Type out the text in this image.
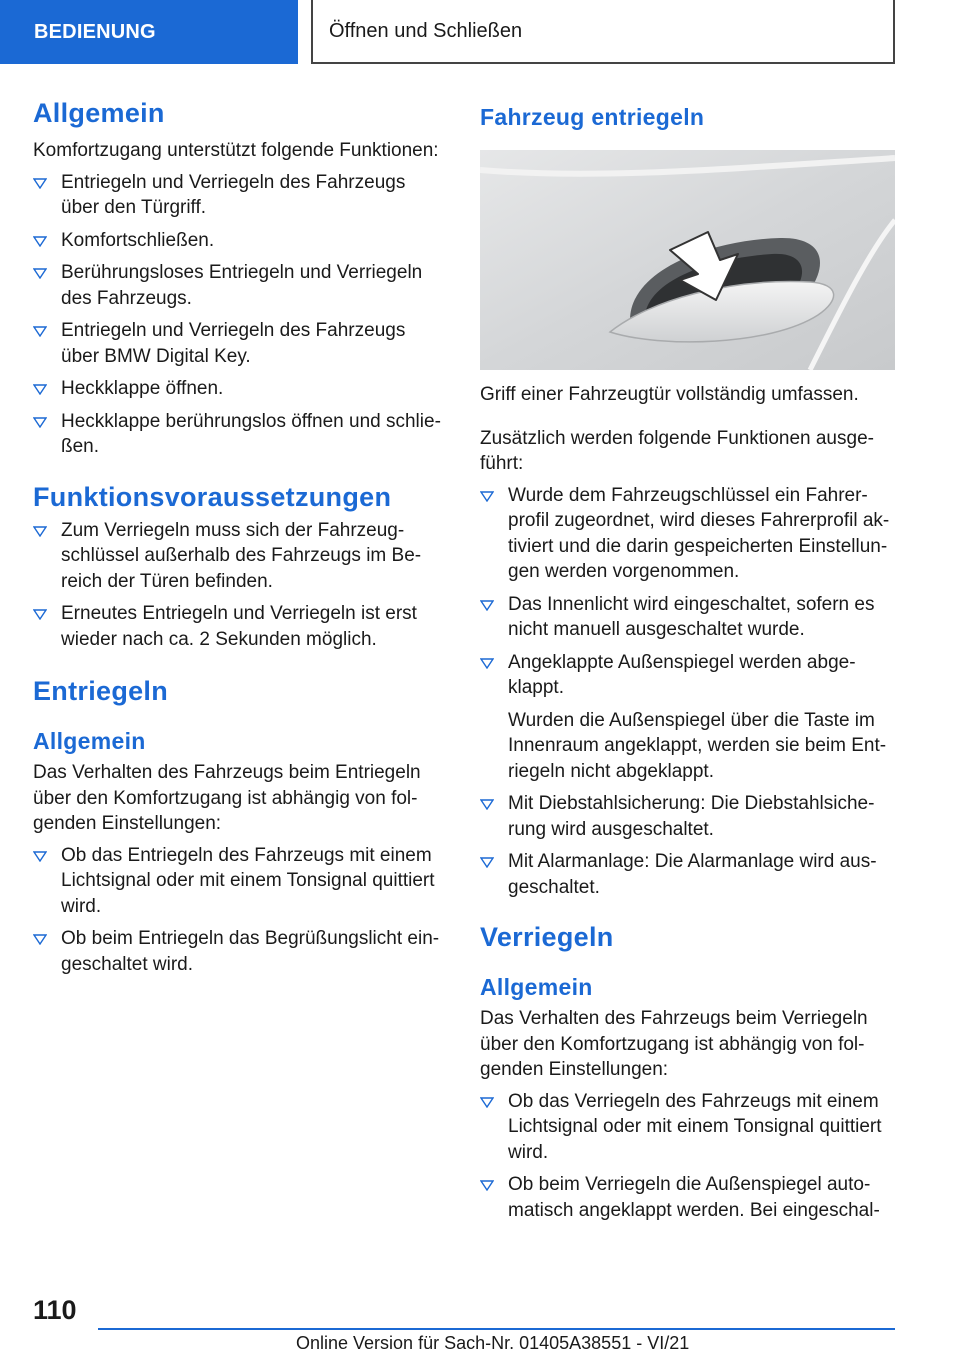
BEDIENUNG	Öffnen und Schließen
Allgemein

Komfortzugang unterstützt folgende Funktionen:

Entriegeln und Verriegeln des Fahrzeugs über den Türgriff.
Komfortschließen.
Berührungsloses Entriegeln und Verriegeln des Fahrzeugs.
Entriegeln und Verriegeln des Fahrzeugs über BMW Digital Key.
Heckklappe öffnen.
Heckklappe berührungslos öffnen und schließen.
Funktionsvoraussetzungen
Zum Verriegeln muss sich der Fahrzeugschlüssel außerhalb des Fahrzeugs im Bereich der Türen befinden.
Erneutes Entriegeln und Verriegeln ist erst wieder nach ca. 2 Sekunden möglich.
Entriegeln
Allgemein

Das Verhalten des Fahrzeugs beim Entriegeln über den Komfortzugang ist abhängig von folgenden Einstellungen:

Ob das Entriegeln des Fahrzeugs mit einem Lichtsignal oder mit einem Tonsignal quittiert wird.
Ob beim Entriegeln das Begrüßungslicht eingeschaltet wird.
Fahrzeug entriegeln

Griff einer Fahrzeugtür vollständig umfassen.

Zusätzlich werden folgende Funktionen ausgeführt:

Wurde dem Fahrzeugschlüssel ein Fahrerprofil zugeordnet, wird dieses Fahrerprofil aktiviert und die darin gespeicherten Einstellungen werden vorgenommen.
Das Innenlicht wird eingeschaltet, sofern es nicht manuell ausgeschaltet wurde.
Angeklappte Außenspiegel werden abgeklappt.
Wurden die Außenspiegel über die Taste im Innenraum angeklappt, werden sie beim Entriegeln nicht abgeklappt.
Mit Diebstahlsicherung: Die Diebstahlsicherung wird ausgeschaltet.
Mit Alarmanlage: Die Alarmanlage wird ausgeschaltet.
Verriegeln
Allgemein

Das Verhalten des Fahrzeugs beim Verriegeln über den Komfortzugang ist abhängig von folgenden Einstellungen:

Ob das Verriegeln des Fahrzeugs mit einem Lichtsignal oder mit einem Tonsignal quittiert wird.
Ob beim Verriegeln die Außenspiegel automatisch angeklappt werden. Bei eingeschal-
110
Online Version für Sach-Nr. 01405A38551 - VI/21
